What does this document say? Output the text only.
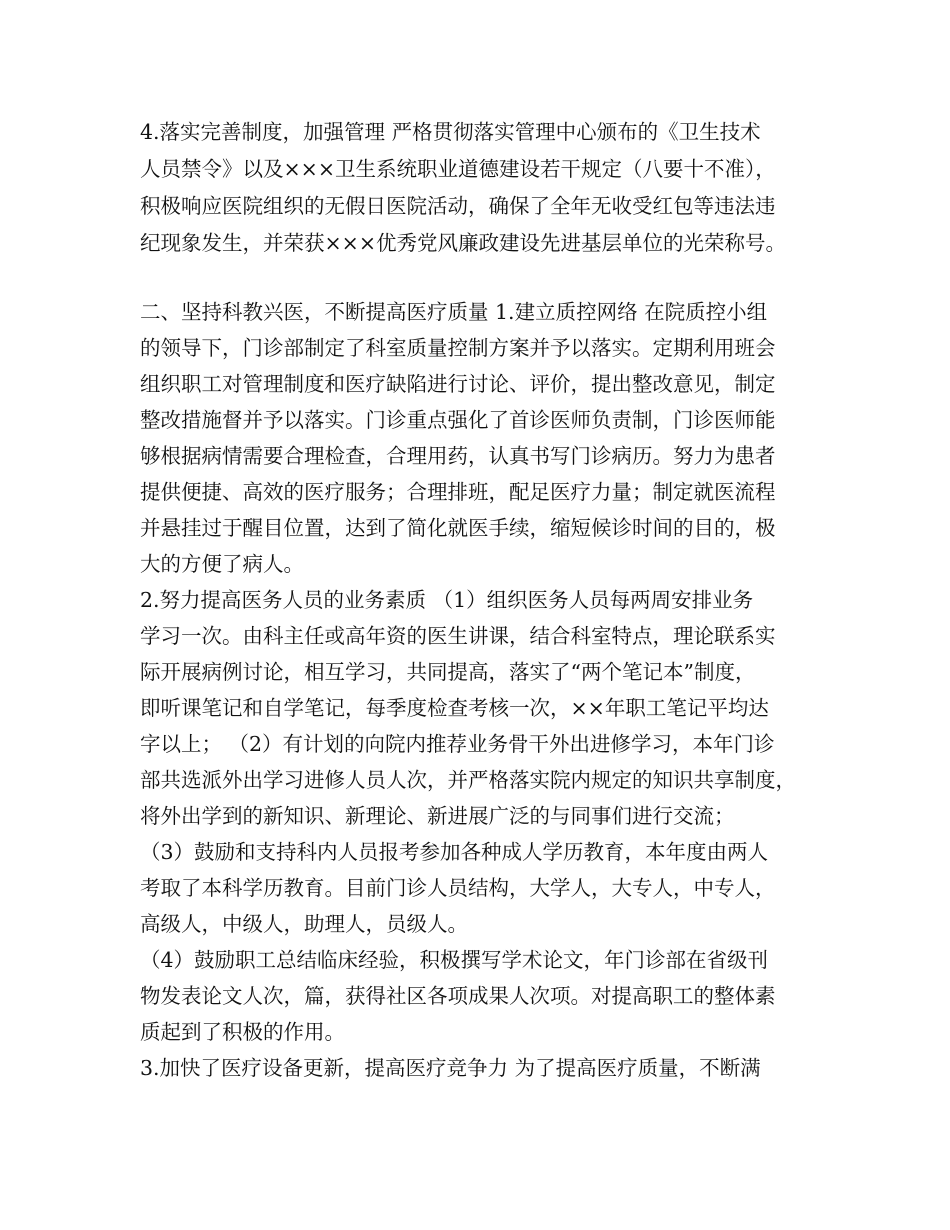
4.落实完善制度，加强管理 严格贯彻落实管理中心颁布的《卫生技术
人员禁令》以及×××卫生系统职业道德建设若干规定（八要十不准），
积极响应医院组织的无假日医院活动，确保了全年无收受红包等违法违
纪现象发生，并荣获×××优秀党风廉政建设先进基层单位的光荣称号。
二、坚持科教兴医，不断提高医疗质量 1.建立质控网络 在院质控小组
的领导下，门诊部制定了科室质量控制方案并予以落实。定期利用班会
组织职工对管理制度和医疗缺陷进行讨论、评价，提出整改意见，制定
整改措施督并予以落实。门诊重点强化了首诊医师负责制，门诊医师能
够根据病情需要合理检查，合理用药，认真书写门诊病历。努力为患者
提供便捷、高效的医疗服务；合理排班，配足医疗力量；制定就医流程
并悬挂过于醒目位置，达到了简化就医手续，缩短候诊时间的目的，极
大的方便了病人。
2.努力提高医务人员的业务素质 （1）组织医务人员每两周安排业务
学习一次。由科主任或高年资的医生讲课，结合科室特点，理论联系实
际开展病例讨论，相互学习，共同提高，落实了“两个笔记本”制度，
即听课笔记和自学笔记，每季度检查考核一次，××年职工笔记平均达
字以上； （2）有计划的向院内推荐业务骨干外出进修学习，本年门诊
部共选派外出学习进修人员人次，并严格落实院内规定的知识共享制度，
将外出学到的新知识、新理论、新进展广泛的与同事们进行交流；
（3）鼓励和支持科内人员报考参加各种成人学历教育，本年度由两人
考取了本科学历教育。目前门诊人员结构，大学人，大专人，中专人，
高级人，中级人，助理人，员级人。
（4）鼓励职工总结临床经验，积极撰写学术论文，年门诊部在省级刊
物发表论文人次，篇，获得社区各项成果人次项。对提高职工的整体素
质起到了积极的作用。
3.加快了医疗设备更新，提高医疗竞争力 为了提高医疗质量，不断满
